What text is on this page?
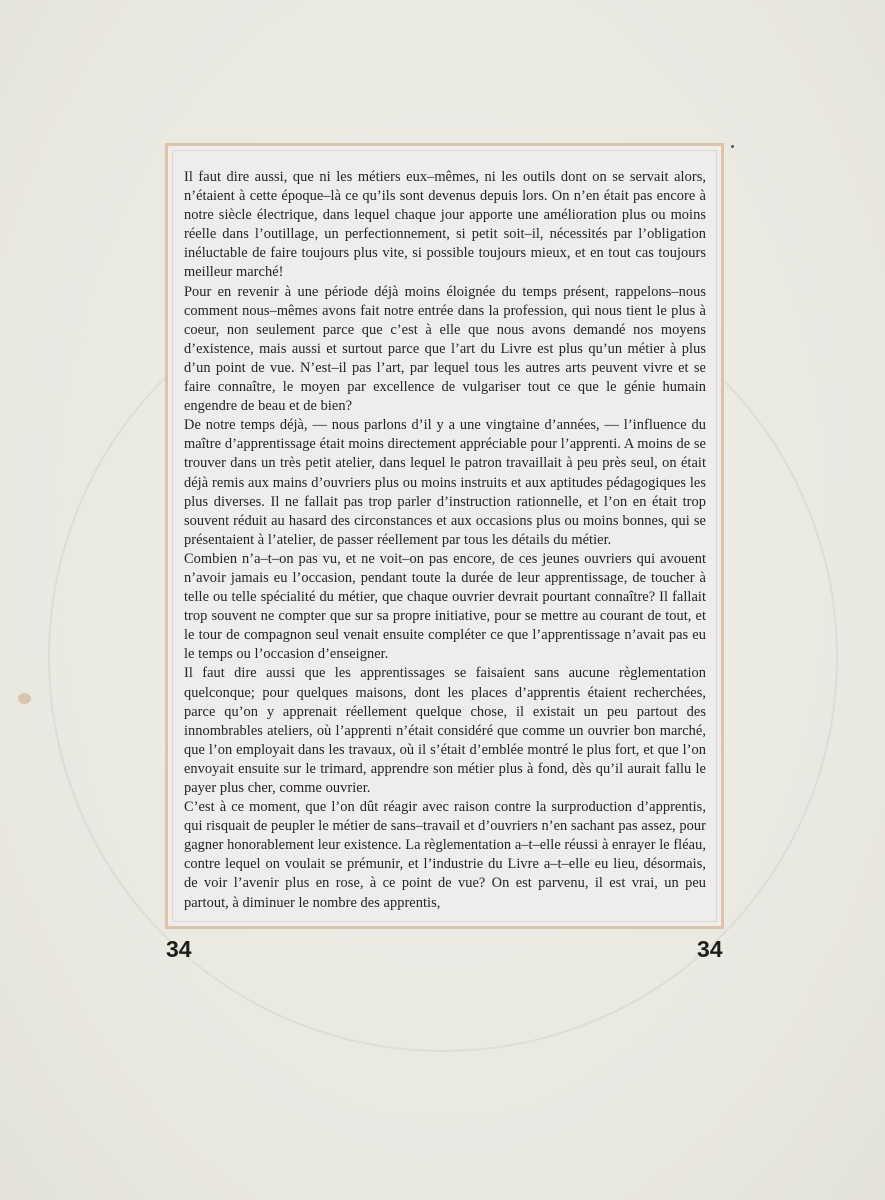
Il faut dire aussi, que ni les métiers eux–mêmes, ni les outils dont on se servait alors, n’étaient à cette époque–là ce qu’ils sont devenus depuis lors. On n’en était pas encore à notre siècle électrique, dans lequel chaque jour apporte une amélioration plus ou moins réelle dans l’outillage, un perfectionnement, si petit soit–il, nécessités par l’obligation inéluctable de faire toujours plus vite, si possible toujours mieux, et en tout cas toujours meilleur marché!

Pour en revenir à une période déjà moins éloignée du temps présent, rappelons–nous comment nous–mêmes avons fait notre entrée dans la profession, qui nous tient le plus à coeur, non seulement parce que c’est à elle que nous avons demandé nos moyens d’existence, mais aussi et surtout parce que l’art du Livre est plus qu’un métier à plus d’un point de vue. N’est–il pas l’art, par lequel tous les autres arts peuvent vivre et se faire connaître, le moyen par excellence de vulgariser tout ce que le génie humain engendre de beau et de bien?

De notre temps déjà, — nous parlons d’il y a une vingtaine d’années, — l’influence du maître d’apprentissage était moins directement appréciable pour l’apprenti. A moins de se trouver dans un très petit atelier, dans lequel le patron travaillait à peu près seul, on était déjà remis aux mains d’ouvriers plus ou moins instruits et aux aptitudes pédagogiques les plus diverses. Il ne fallait pas trop parler d’instruction rationnelle, et l’on en était trop souvent réduit au hasard des circonstances et aux occasions plus ou moins bonnes, qui se présentaient à l’atelier, de passer réellement par tous les détails du métier.

Combien n’a–t–on pas vu, et ne voit–on pas encore, de ces jeunes ouvriers qui avouent n’avoir jamais eu l’occasion, pendant toute la durée de leur apprentissage, de toucher à telle ou telle spécialité du métier, que chaque ouvrier devrait pourtant connaître? Il fallait trop souvent ne compter que sur sa propre initiative, pour se mettre au courant de tout, et le tour de compagnon seul venait ensuite compléter ce que l’apprentissage n’avait pas eu le temps ou l’occasion d’enseigner.

Il faut dire aussi que les apprentissages se faisaient sans aucune règlementation quelconque; pour quelques maisons, dont les places d’apprentis étaient recherchées, parce qu’on y apprenait réellement quelque chose, il existait un peu partout des innombrables ateliers, où l’apprenti n’était considéré que comme un ouvrier bon marché, que l’on employait dans les travaux, où il s’était d’emblée montré le plus fort, et que l’on envoyait ensuite sur le trimard, apprendre son métier plus à fond, dès qu’il aurait fallu le payer plus cher, comme ouvrier.

C’est à ce moment, que l’on dût réagir avec raison contre la surproduction d’apprentis, qui risquait de peupler le métier de sans–travail et d’ouvriers n’en sachant pas assez, pour gagner honorablement leur existence. La règlementation a–t–elle réussi à enrayer le fléau, contre lequel on voulait se prémunir, et l’industrie du Livre a–t–elle eu lieu, désormais, de voir l’avenir plus en rose, à ce point de vue? On est parvenu, il est vrai, un peu partout, à diminuer le nombre des apprentis,

34	34
